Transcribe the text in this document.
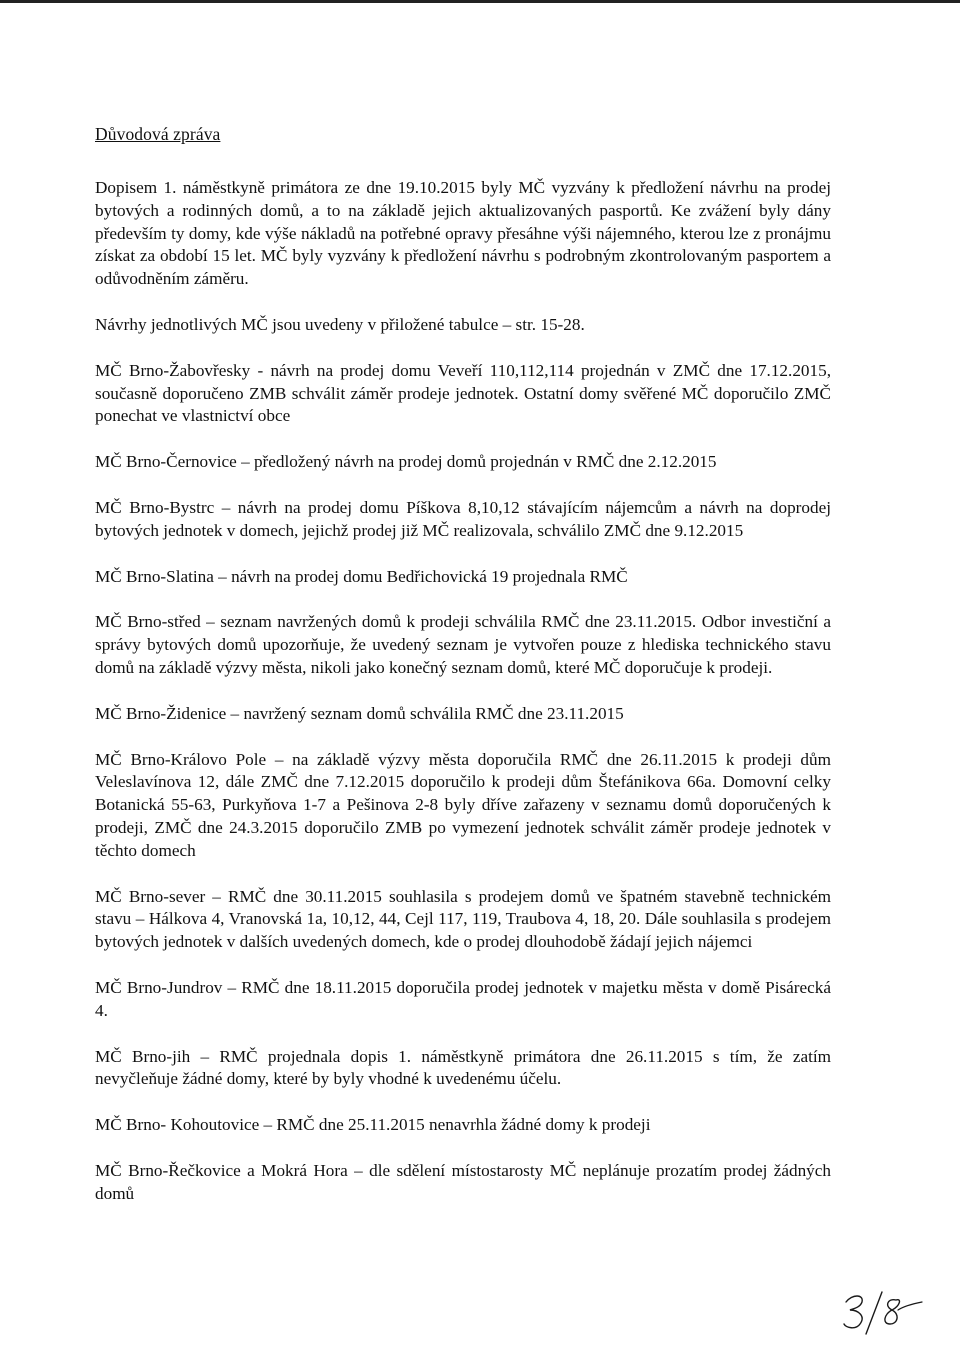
Důvodová zpráva

Dopisem 1. náměstkyně primátora ze dne 19.10.2015 byly MČ vyzvány k předložení návrhu na prodej bytových a rodinných domů, a to na základě jejich aktualizovaných pasportů. Ke zvážení byly dány především ty domy, kde výše nákladů na potřebné opravy přesáhne výši nájemného, kterou lze z pronájmu získat za období 15 let. MČ byly vyzvány k předložení návrhu s podrobným zkontrolovaným pasportem a odůvodněním záměru.

Návrhy jednotlivých MČ jsou uvedeny v přiložené tabulce – str. 15-28.

MČ Brno-Žabovřesky - návrh na prodej domu Veveří 110,112,114 projednán v ZMČ dne 17.12.2015, současně doporučeno ZMB schválit záměr prodeje jednotek. Ostatní domy svěřené MČ doporučilo ZMČ ponechat ve vlastnictví obce

MČ Brno-Černovice – předložený návrh na prodej domů projednán v RMČ dne 2.12.2015

MČ Brno-Bystrc – návrh na prodej domu Píškova 8,10,12 stávajícím nájemcům a návrh na doprodej bytových jednotek v domech, jejichž prodej již MČ realizovala, schválilo ZMČ dne 9.12.2015

MČ Brno-Slatina – návrh na prodej domu Bedřichovická 19 projednala RMČ

MČ Brno-střed – seznam navržených domů k prodeji schválila RMČ dne 23.11.2015. Odbor investiční a správy bytových domů upozorňuje, že uvedený seznam je vytvořen pouze z hlediska technického stavu domů na základě výzvy města, nikoli jako konečný seznam domů, které MČ doporučuje k prodeji.

MČ Brno-Židenice – navržený seznam domů schválila RMČ dne 23.11.2015

MČ Brno-Královo Pole – na základě výzvy města doporučila RMČ dne 26.11.2015 k prodeji dům Veleslavínova 12, dále ZMČ dne 7.12.2015 doporučilo k prodeji dům Štefánikova 66a. Domovní celky Botanická 55-63, Purkyňova 1-7 a Pešinova 2-8 byly dříve zařazeny v seznamu domů doporučených k prodeji, ZMČ dne 24.3.2015 doporučilo ZMB po vymezení jednotek schválit záměr prodeje jednotek v těchto domech

MČ Brno-sever – RMČ dne 30.11.2015 souhlasila s prodejem domů ve špatném stavebně technickém stavu – Hálkova 4, Vranovská 1a, 10,12, 44, Cejl 117, 119, Traubova 4, 18, 20. Dále souhlasila s prodejem bytových jednotek v dalších uvedených domech, kde o prodej dlouhodobě žádají jejich nájemci

MČ Brno-Jundrov – RMČ dne 18.11.2015 doporučila prodej jednotek v majetku města v domě Pisárecká 4.

MČ Brno-jih – RMČ projednala dopis 1. náměstkyně primátora dne 26.11.2015 s tím, že zatím nevyčleňuje žádné domy, které by byly vhodné k uvedenému účelu.

MČ Brno- Kohoutovice – RMČ dne 25.11.2015 nenavrhla žádné domy k prodeji

MČ Brno-Řečkovice a Mokrá Hora – dle sdělení místostarosty MČ neplánuje prozatím prodej žádných domů
